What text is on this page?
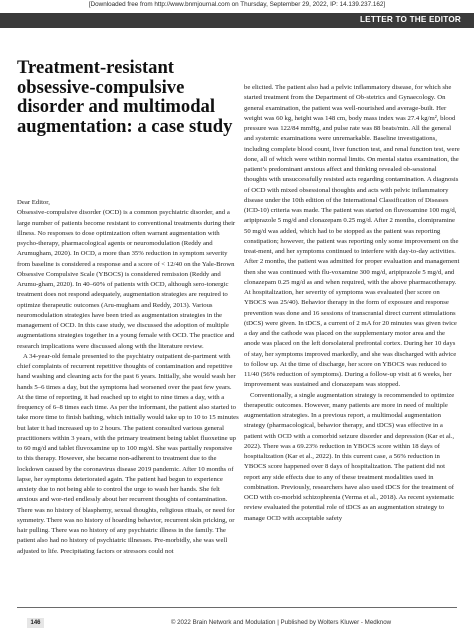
[Downloaded free from http://www.bnmjournal.com on Thursday, September 29, 2022, IP: 14.139.237.162]
LETTER TO THE EDITOR
Treatment-resistant obsessive-compulsive disorder and multimodal augmentation: a case study

Dear Editor,

Obsessive-compulsive disorder (OCD) is a common psychiatric disorder, and a large number of patients become resistant to conventional treatments during their illness. No responses to dose optimization often warrant augmentation with psycho-therapy, pharmacological agents or neuromodulation (Reddy and Arumugham, 2020). In OCD, a more than 35% reduction in symptom severity from baseline is considered a response and a score of < 12/40 on the Yale-Brown Obsessive Compulsive Scale (YBOCS) is considered remission (Reddy and Arumu-gham, 2020). In 40–60% of patients with OCD, although sero-tonergic treatment does not respond adequately, augmentation strategies are required to optimize therapeutic outcomes (Aru-mugham and Reddy, 2013). Various neuromodulation strategies have been tried as augmentation strategies in the management of OCD. In this case study, we discussed the adoption of multiple augmentations strategies together in a young female with OCD. The practice and research implications were discussed along with the literature review.

A 34-year-old female presented to the psychiatry outpatient de-partment with chief complaints of recurrent repetitive thoughts of contamination and repetitive hand washing and cleaning acts for the past 6 years. Initially, she would wash her hands 5–6 times a day, but the symptoms had worsened over the past few years. At the time of reporting, it had reached up to eight to nine times a day, with a frequency of 6–8 times each time. As per the informant, the patient also started to take more time to finish bathing, which initially would take up to 10 to 15 minutes but later it had increased up to 2 hours. The patient consulted various general practitioners within 3 years, with the primary treatment being tablet fluoxetine up to 60 mg/d and tablet fluvoxamine up to 100 mg/d. She was partially responsive to this therapy. However, she became non-adherent to treatment due to the lockdown caused by the coronavirus disease 2019 pandemic. After 10 months of lapse, her symptoms deteriorated again. The patient had begun to experience anxiety due to not being able to control the urge to wash her hands. She felt anxious and wor-ried endlessly about her recurrent thoughts of contamination. There was no history of blasphemy, sexual thoughts, religious rituals, or need for symmetry. There was no history of hoarding behavior, recurrent skin pricking, or hair pulling. There was no history of any psychiatric illness in the family. The patient also had no history of psychiatric illnesses. Pre-morbidly, she was well adjusted to life. Precipitating factors or stressors could not

be elicited. The patient also had a pelvic inflammatory disease, for which she started treatment from the Department of Ob-stetrics and Gynaecology. On general examination, the patient was well-nourished and average-built. Her weight was 60 kg, height was 148 cm, body mass index was 27.4 kg/m², blood pressure was 122/84 mmHg, and pulse rate was 88 beats/min. All the general and systemic examinations were unremarkable. Baseline investigations, including complete blood count, liver function test, and renal function test, were done, all of which were within normal limits. On mental status examination, the patient’s predominant anxious affect and thinking revealed ob-sessional thoughts with unsuccessfully resisted acts regarding contamination. A diagnosis of OCD with mixed obsessional thoughts and acts with pelvic inflammatory disease under the 10th edition of the International Classification of Diseases (ICD-10) criteria was made. The patient was started on fluvoxamine 100 mg/d, aripiprazole 5 mg/d and clonazepam 0.25 mg/d. After 2 months, clomipramine 50 mg/d was added, which had to be stopped as the patient was reporting constipation; however, the patient was reporting only some improvement on the treat-ment, and her symptoms continued to interfere with day-to-day activities. After 2 months, the patient was admitted for proper evaluation and management then she was continued with flu-voxamine 300 mg/d, aripiprazole 5 mg/d, and clonazepam 0.25 mg/d as and when required, with the above pharmacotherapy. At hospitalization, her severity of symptoms was evaluated (her score on YBOCS was 25/40). Behavior therapy in the form of exposure and response prevention was done and 16 sessions of transcranial direct current stimulations (tDCS) were given. In tDCS, a current of 2 mA for 20 minutes was given twice a day and the cathode was placed on the supplementary motor area and the anode was placed on the left dorsolateral prefrontal cortex. During her 10 days of stay, her symptoms improved markedly, and she was discharged with advice to follow up. At the time of discharge, her score on YBOCS was reduced to 11/40 (56% reduction of symptoms). During a follow-up visit at 6 weeks, her improvement was sustained and clonazepam was stopped.

Conventionally, a single augmentation strategy is recommended to optimize therapeutic outcomes. However, many patients are more in need of multiple augmentation strategies. In a previous report, a multimodal augmentation strategy (pharmacological, behavior therapy, and tDCS) was effective in a patient with OCD with a comorbid seizure disorder and depression (Kar et al., 2022). There was a 69.23% reduction in YBOCS score within 18 days of hospitalization (Kar et al., 2022). In this current case, a 56% reduction in YBOCS score happened over 8 days of hospitalization. The patient did not report any side effects due to any of these treatment modalities used in combination. Previously, researchers have also used tDCS for the treatment of OCD with co-morbid schizophrenia (Verma et al., 2018). As recent systematic review evaluated the potential role of tDCS as an augmentation strategy to manage OCD with acceptable safety

146	© 2022 Brain Network and Modulation | Published by Wolters Kluwer - Medknow
